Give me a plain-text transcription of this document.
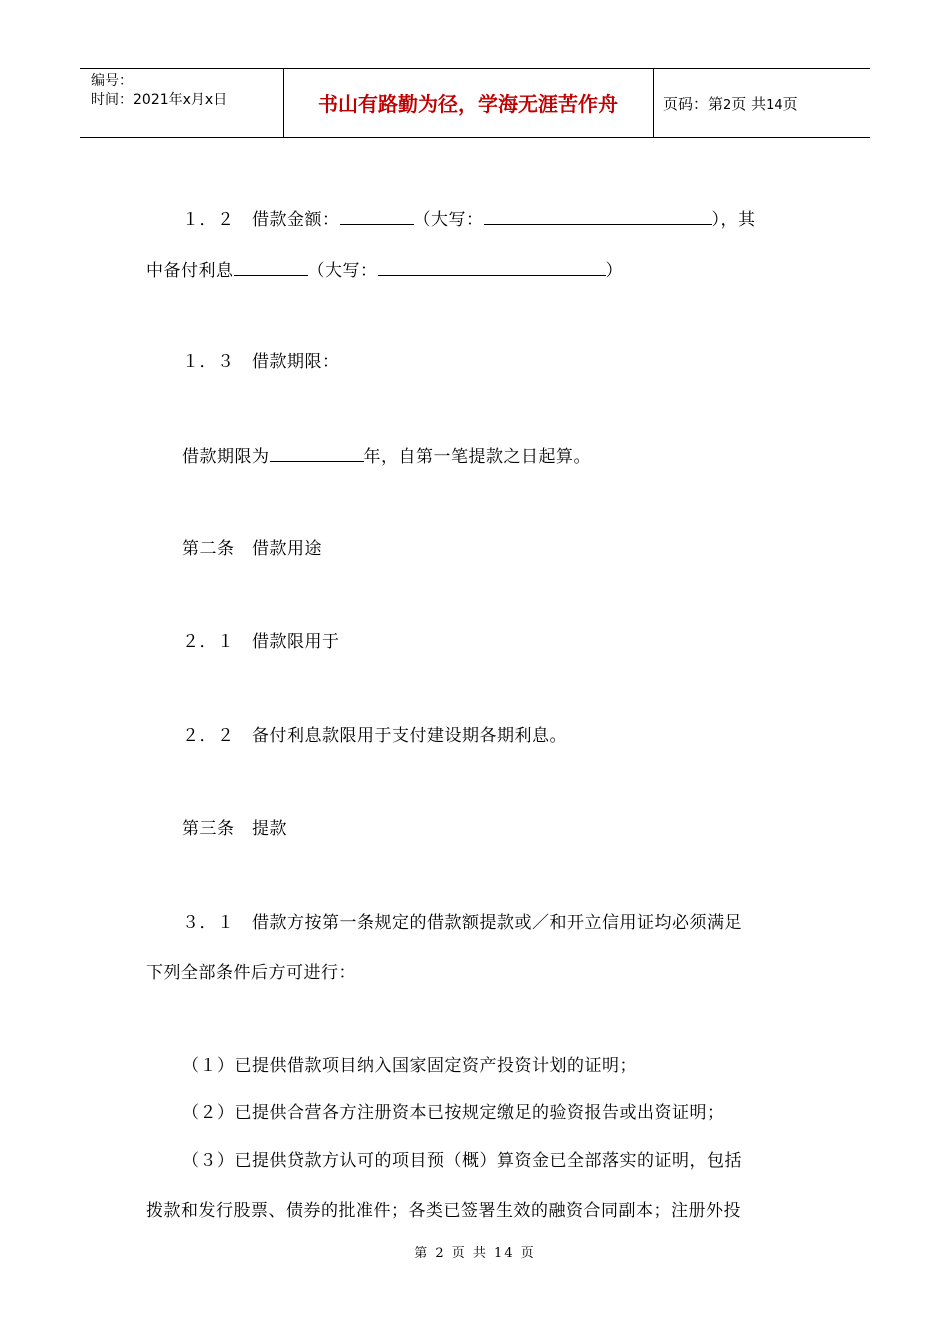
编号：
时间：2021年x月x日	书山有路勤为径，学海无涯苦作舟	页码：第2页 共14页
１．２　借款金额：	（大写：	），其
中备付利息	（大写：	）
１．３　借款期限：
借款期限为	年，自第一笔提款之日起算。
第二条　借款用途
２．１　借款限用于
２．２　备付利息款限用于支付建设期各期利息。
第三条　提款
３．１　借款方按第一条规定的借款额提款或／和开立信用证均必须满足
下列全部条件后方可进行：
（１）已提供借款项目纳入国家固定资产投资计划的证明；
（２）已提供合营各方注册资本已按规定缴足的验资报告或出资证明；
（３）已提供贷款方认可的项目预（概）算资金已全部落实的证明，包括
拨款和发行股票、债券的批准件；各类已签署生效的融资合同副本；注册外投
第 2 页 共 14 页
